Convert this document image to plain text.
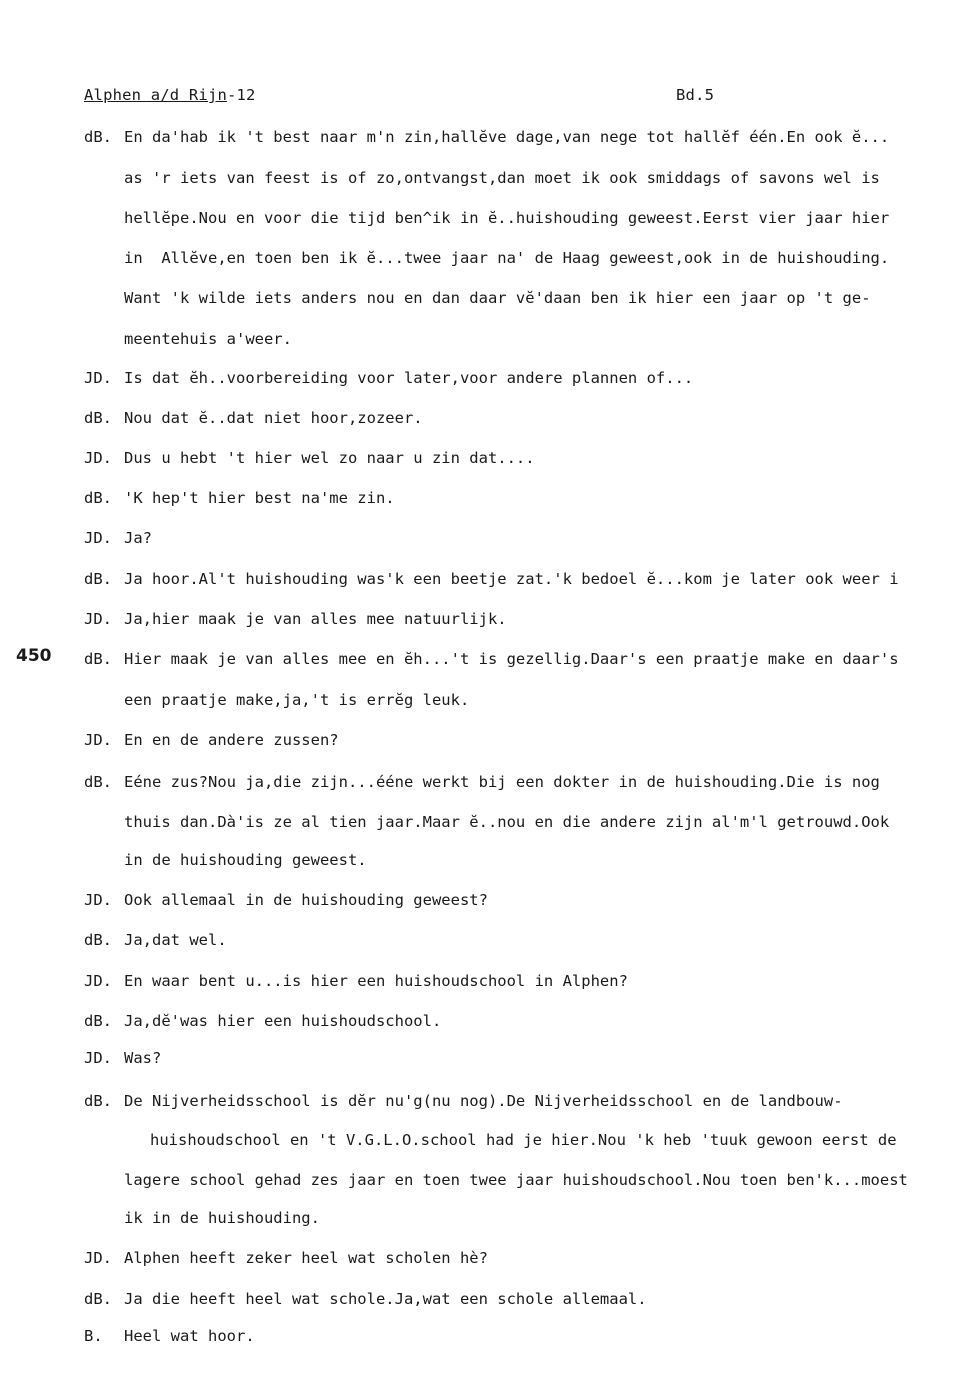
Alphen a/d Rijn-12	Bd.5
450
dB. En da'hab ik 't best naar m'n zin,hallĕve dage,van nege tot hallĕf één.En ook ĕ...
as 'r iets van feest is of zo,ontvangst,dan moet ik ook smiddags of savons wel is
hellĕpe.Nou en voor die tijd ben^ik in ĕ..huishouding geweest.Eerst vier jaar hier
in  Allĕve,en toen ben ik ĕ...twee jaar na' de Haag geweest,ook in de huishouding.
Want 'k wilde iets anders nou en dan daar vĕ'daan ben ik hier een jaar op 't ge-
meentehuis a'weer.
JD. Is dat ĕh..voorbereiding voor later,voor andere plannen of...
dB. Nou dat ĕ..dat niet hoor,zozeer.
JD. Dus u hebt 't hier wel zo naar u zin dat....
dB. 'K hep't hier best na'me zin.
JD. Ja?
dB. Ja hoor.Al't huishouding was'k een beetje zat.'k bedoel ĕ...kom je later ook weer i
JD. Ja,hier maak je van alles mee natuurlijk.
dB. Hier maak je van alles mee en ĕh...'t is gezellig.Daar's een praatje make en daar's
een praatje make,ja,'t is errĕg leuk.
JD. En en de andere zussen?
dB. Eéne zus?Nou ja,die zijn...ééne werkt bij een dokter in de huishouding.Die is nog
thuis dan.Dà'is ze al tien jaar.Maar ĕ..nou en die andere zijn al'm'l getrouwd.Ook
in de huishouding geweest.
JD. Ook allemaal in de huishouding geweest?
dB. Ja,dat wel.
JD. En waar bent u...is hier een huishoudschool in Alphen?
dB. Ja,dĕ'was hier een huishoudschool.
JD. Was?
dB. De Nijverheidsschool is dĕr nu'g(nu nog).De Nijverheidsschool en de landbouw-
huishoudschool en 't V.G.L.O.school had je hier.Nou 'k heb 'tuuk gewoon eerst de
lagere school gehad zes jaar en toen twee jaar huishoudschool.Nou toen ben'k...moest
ik in de huishouding.
JD. Alphen heeft zeker heel wat scholen hè?
dB. Ja die heeft heel wat schole.Ja,wat een schole allemaal.
B. Heel wat hoor.
